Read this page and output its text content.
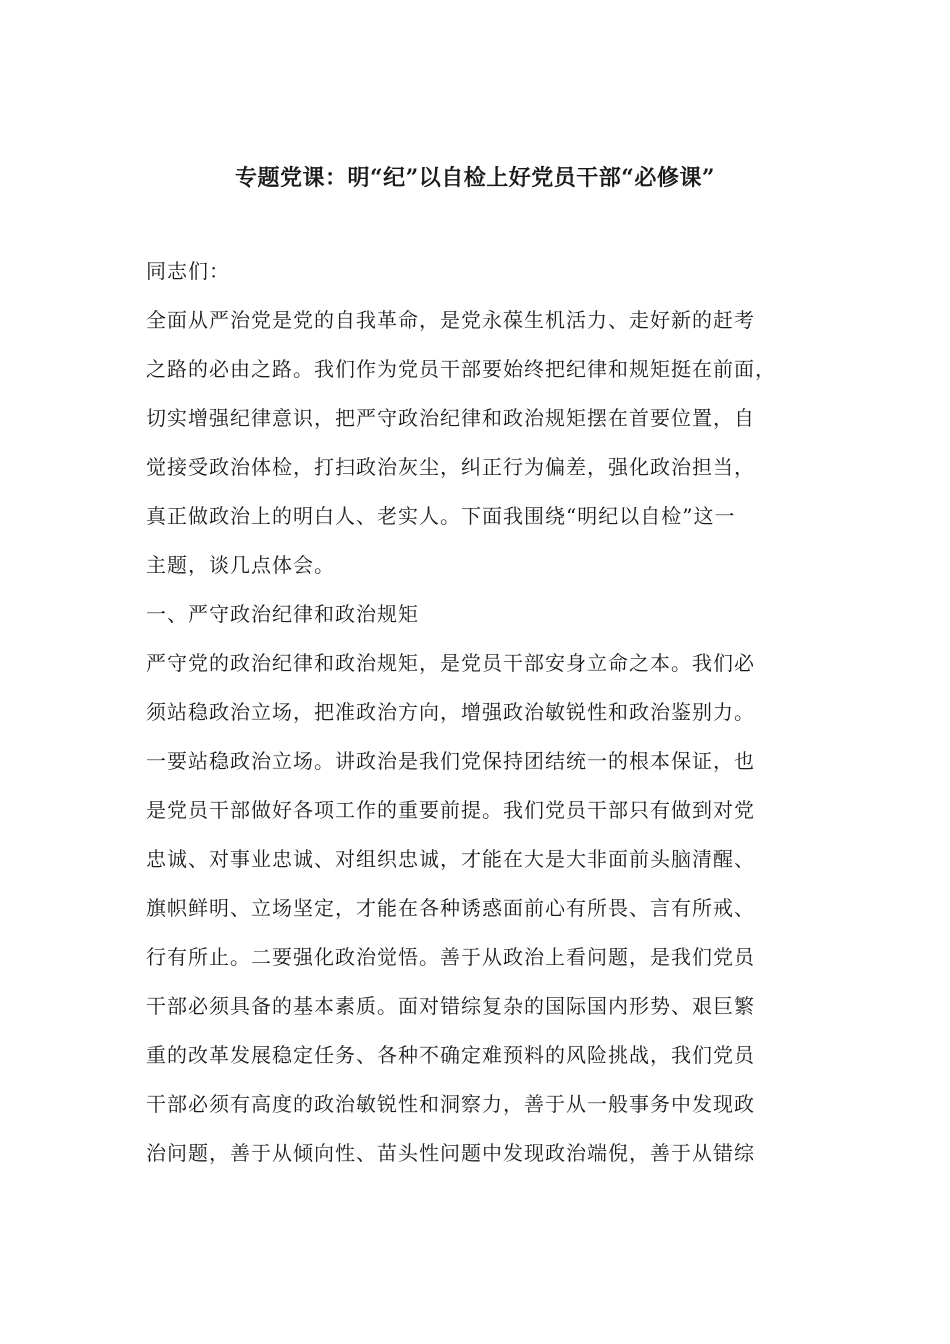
专题党课：明“纪”以自检上好党员干部“必修课”

同志们：

全面从严治党是党的自我革命，是党永葆生机活力、走好新的赶考

之路的必由之路。我们作为党员干部要始终把纪律和规矩挺在前面，

切实增强纪律意识，把严守政治纪律和政治规矩摆在首要位置，自

觉接受政治体检，打扫政治灰尘，纠正行为偏差，强化政治担当，

真正做政治上的明白人、老实人。下面我围绕“明纪以自检”这一

主题，谈几点体会。

一、严守政治纪律和政治规矩

严守党的政治纪律和政治规矩，是党员干部安身立命之本。我们必

须站稳政治立场，把准政治方向，增强政治敏锐性和政治鉴别力。

一要站稳政治立场。讲政治是我们党保持团结统一的根本保证，也

是党员干部做好各项工作的重要前提。我们党员干部只有做到对党

忠诚、对事业忠诚、对组织忠诚，才能在大是大非面前头脑清醒、

旗帜鲜明、立场坚定，才能在各种诱惑面前心有所畏、言有所戒、

行有所止。二要强化政治觉悟。善于从政治上看问题，是我们党员

干部必须具备的基本素质。面对错综复杂的国际国内形势、艰巨繁

重的改革发展稳定任务、各种不确定难预料的风险挑战，我们党员

干部必须有高度的政治敏锐性和洞察力，善于从一般事务中发现政

治问题，善于从倾向性、苗头性问题中发现政治端倪，善于从错综
